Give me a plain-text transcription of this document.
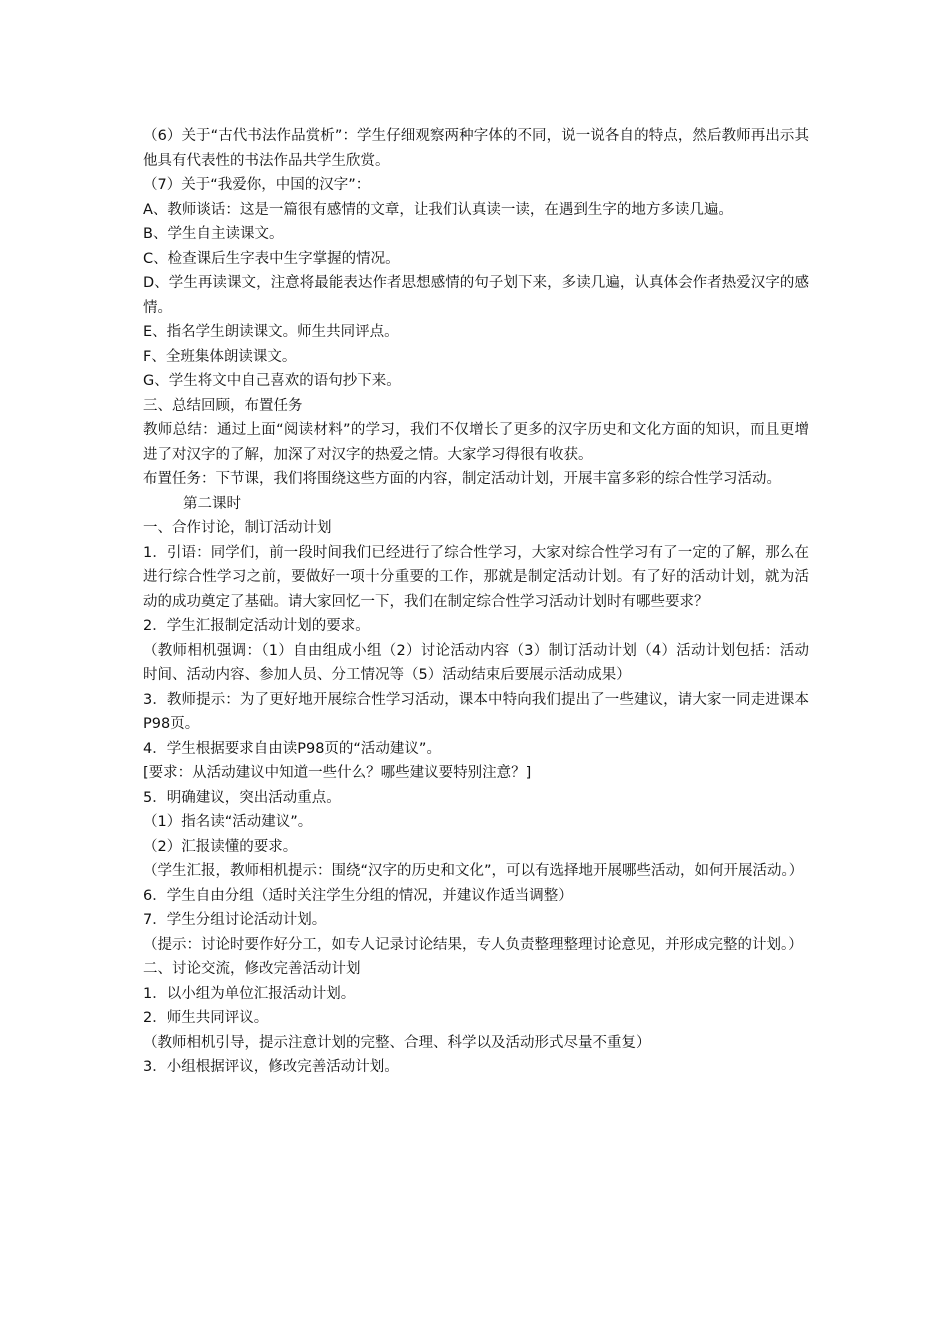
（6）关于“古代书法作品赏析”：学生仔细观察两种字体的不同，说一说各自的特点，然后教师再出示其他具有代表性的书法作品共学生欣赏。

（7）关于“我爱你，中国的汉字”：

A、教师谈话：这是一篇很有感情的文章，让我们认真读一读，在遇到生字的地方多读几遍。

B、学生自主读课文。

C、检查课后生字表中生字掌握的情况。

D、学生再读课文，注意将最能表达作者思想感情的句子划下来，多读几遍，认真体会作者热爱汉字的感情。

E、指名学生朗读课文。师生共同评点。

F、全班集体朗读课文。

G、学生将文中自己喜欢的语句抄下来。

三、总结回顾，布置任务

教师总结：通过上面“阅读材料”的学习，我们不仅增长了更多的汉字历史和文化方面的知识，而且更增进了对汉字的了解，加深了对汉字的热爱之情。大家学习得很有收获。

布置任务：下节课，我们将围绕这些方面的内容，制定活动计划，开展丰富多彩的综合性学习活动。

第二课时

一、合作讨论，制订活动计划

1．引语：同学们，前一段时间我们已经进行了综合性学习，大家对综合性学习有了一定的了解，那么在进行综合性学习之前，要做好一项十分重要的工作，那就是制定活动计划。有了好的活动计划，就为活动的成功奠定了基础。请大家回忆一下，我们在制定综合性学习活动计划时有哪些要求？

2．学生汇报制定活动计划的要求。

（教师相机强调：（1）自由组成小组（2）讨论活动内容（3）制订活动计划（4）活动计划包括：活动时间、活动内容、参加人员、分工情况等（5）活动结束后要展示活动成果）

3．教师提示：为了更好地开展综合性学习活动，课本中特向我们提出了一些建议，请大家一同走进课本P98页。

4．学生根据要求自由读P98页的“活动建议”。

[要求：从活动建议中知道一些什么？哪些建议要特别注意？]

5．明确建议，突出活动重点。

（1）指名读“活动建议”。

（2）汇报读懂的要求。

（学生汇报，教师相机提示：围绕“汉字的历史和文化”，可以有选择地开展哪些活动，如何开展活动。）

6．学生自由分组（适时关注学生分组的情况，并建议作适当调整）

7．学生分组讨论活动计划。

（提示：讨论时要作好分工，如专人记录讨论结果，专人负责整理整理讨论意见，并形成完整的计划。）

二、讨论交流，修改完善活动计划

1．以小组为单位汇报活动计划。

2．师生共同评议。

（教师相机引导，提示注意计划的完整、合理、科学以及活动形式尽量不重复）

3．小组根据评议，修改完善活动计划。
